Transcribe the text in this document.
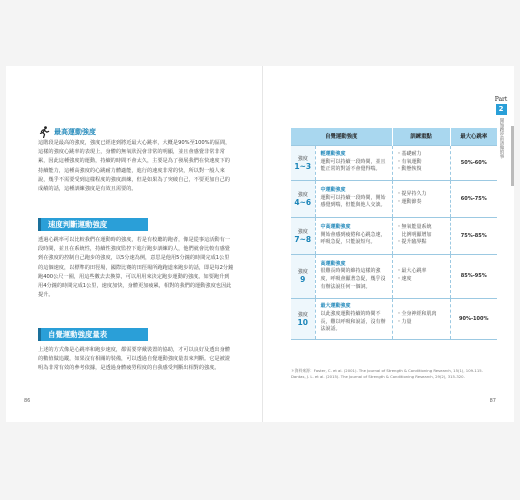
最高運動強度

這階段是最高的強度，強度已經達到將近最大心跳率，大概是90%至100%的區間，這樣的強度心跳率的表現上，身體的無氧狀況會非常的明顯，並且會感覺非常非常累，因此這種強度的運動，持續的時間不會太久，主要是為了發展我們在快速度下的持續能力，這種高強度的心跳耐力體適能，進行的速度非常的快，所以對一般人來說，幾乎不需要受到這樣程度的強度訓練，但是如果為了突破自己，不要更加自己的成績的話，這種訓練強度是有效且需要的。

速度判斷運動強度

透過心跳率可以比較我們在運動時的強度，若是有校聽的跑者，像是從事這活動有一段時間，並且在系統性，持續性強度監控下進行跑步訓練的人，他們就會比較有感覺到在強度的控制自己跑步的強度，以5分速為例，意思是他用5分鐘的時間完成1公里的這個速度，以標準的田徑場，國際比賽的田徑場所跑跑道來跑步的話，即是每2分鐘跑400公尺一圈，用這些數去去換算，可以用用來決定跑步運動的強度。如要跑升到用4分鐘的時間完成1公里，速度加快，身體更加疲累，相對的我們的運動強度也因此提升。

自覺運動強度量表

上述的方式像是心跳率和跑步速度，都需要穿戴裝置的協助，才可以良好及透出身體的數值做追蹤，如果沒有相關的裝備，可以透過自覺運動強度量表來判斷。它是被證明為非常有效的參考依據，是透過身體疲勞程度的自我感受判斷出相對的強度。

86
Part
2
開始跑步前該做的事
自覺運動強度		訓練重點	最大心跳率

強度
1~3	輕運動強度
運動可以持續一段時間，並且能正常的對話不會覺得喘。	・基礎耐力
・有氧運動
・動態恢復	50%-60%

強度
4~6	中運動強度
運動可以持續一段時間，開始感覺到喘，但能與他人交談。	・提昇持久力
・運動節奏	60%-75%

強度
7~8	中高運動強度
開始會感到疲倦和心跳急速，呼吸急促，只能說短句。	・無氧能量系統
　比例明顯增加
・提升臨界點	75%-85%

強度
9	高運動強度
很難長時間的維持這樣的強度，呼吸會顯著急促，幾乎沒有辦法說任何一個詞。	・最大心跳率
・速度	85%-95%

強度
10	最大運動強度
以此強度運動持續的時間不長，難以呼吸和說話，沒有辦法說話。	・全身神經和肌肉
・力量	90%-100%

＊資料來源：Foster, C. et al. (2001). The Journal of Strength & Conditioning Research, 15(1), 109-115. Dantas, J. L. et al. (2015). The Journal of Strength & Conditioning Research, 29(2), 315-320.

87
